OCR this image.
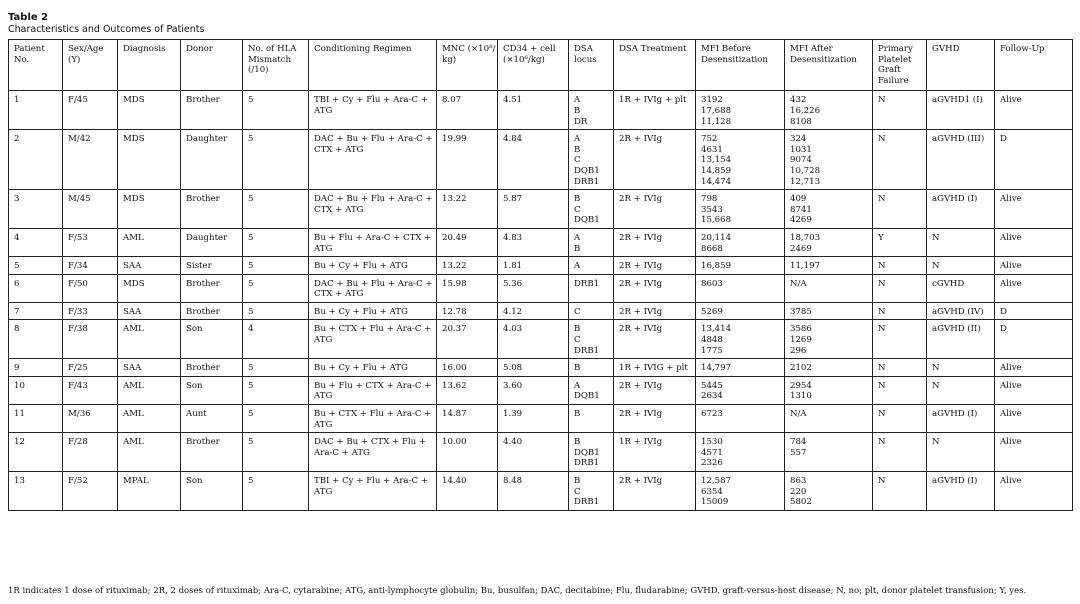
Table 2
Characteristics and Outcomes of Patients
Patient No.	Sex/Age (Y)	Diagnosis	Donor	No. of HLA Mismatch (/10)	Conditioning Regimen	MNC (×10⁸/ kg)	CD34 + cell (×10⁶/kg)	DSA locus	DSA Treatment	MFI Before Desensitization	MFI After Desensitization	Primary Platelet Graft Failure	GVHD	Follow-Up

1	F/45	MDS	Brother	5	TBI + Cy + Flu + Ara-C + ATG	8.07	4.51	A
B
DR	1R + IVIg + plt	3192
17,688
11,128	432
16,226
8108	N	aGVHD1 (I)	Alive

2	M/42	MDS	Daughter	5	DAC + Bu + Flu + Ara-C + CTX + ATG	19.99	4.84	A
B
C
DQB1
DRB1	2R + IVIg	752
4631
13,154
14,859
14,474	324
1031
9074
10,728
12,713	N	aGVHD (III)	D

3	M/45	MDS	Brother	5	DAC + Bu + Flu + Ara-C + CTX + ATG	13.22	5.87	B
C
DQB1	2R + IVIg	798
3543
15,668	409
8741
4269	N	aGVHD (I)	Alive

4	F/53	AML	Daughter	5	Bu + Flu + Ara-C + CTX + ATG	20.49	4.83	A
B	2R + IVIg	20,114
8668	18,703
2469	Y	N	Alive

5	F/34	SAA	Sister	5	Bu + Cy + Flu + ATG	13.22	1.81	A	2R + IVIg	16,859	11,197	N	N	Alive

6	F/50	MDS	Brother	5	DAC + Bu + Flu + Ara-C + CTX + ATG	15.98	5.36	DRB1	2R + IVIg	8603	N/A	N	cGVHD	Alive

7	F/33	SAA	Brother	5	Bu + Cy + Flu + ATG	12.78	4.12	C	2R + IVIg	5269	3785	N	aGVHD (IV)	D

8	F/38	AML	Son	4	Bu + CTX + Flu + Ara-C + ATG	20.37	4.03	B
C
DRB1	2R + IVIg	13,414
4848
1775	3586
1269
296	N	aGVHD (II)	D

9	F/25	SAA	Brother	5	Bu + Cy + Flu + ATG	16.00	5.08	B	1R + IVIG + plt	14,797	2102	N	N	Alive

10	F/43	AML	Son	5	Bu + Flu + CTX + Ara-C + ATG	13.62	3.60	A
DQB1	2R + IVIg	5445
2634	2954
1310	N	N	Alive

11	M/36	AML	Aunt	5	Bu + CTX + Flu + Ara-C + ATG	14.87	1.39	B	2R + IVIg	6723	N/A	N	aGVHD (I)	Alive

12	F/28	AML	Brother	5	DAC + Bu + CTX + Flu + Ara-C + ATG	10.00	4.40	B
DQB1
DRB1	1R + IVIg	1530
4571
2326	784
557	N	N	Alive

13	F/52	MPAL	Son	5	TBI + Cy + Flu + Ara-C + ATG	14.40	8.48	B
C
DRB1	2R + IVIg	12,587
6354
15009	863
220
5802	N	aGVHD (I)	Alive
1R indicates 1 dose of rituximab; 2R, 2 doses of rituximab; Ara-C, cytarabine; ATG, anti-lymphocyte globulin; Bu, busulfan; DAC, decitabine; Flu, fludarabine; GVHD, graft-versus-host disease; N, no; plt, donor platelet transfusion; Y, yes.
